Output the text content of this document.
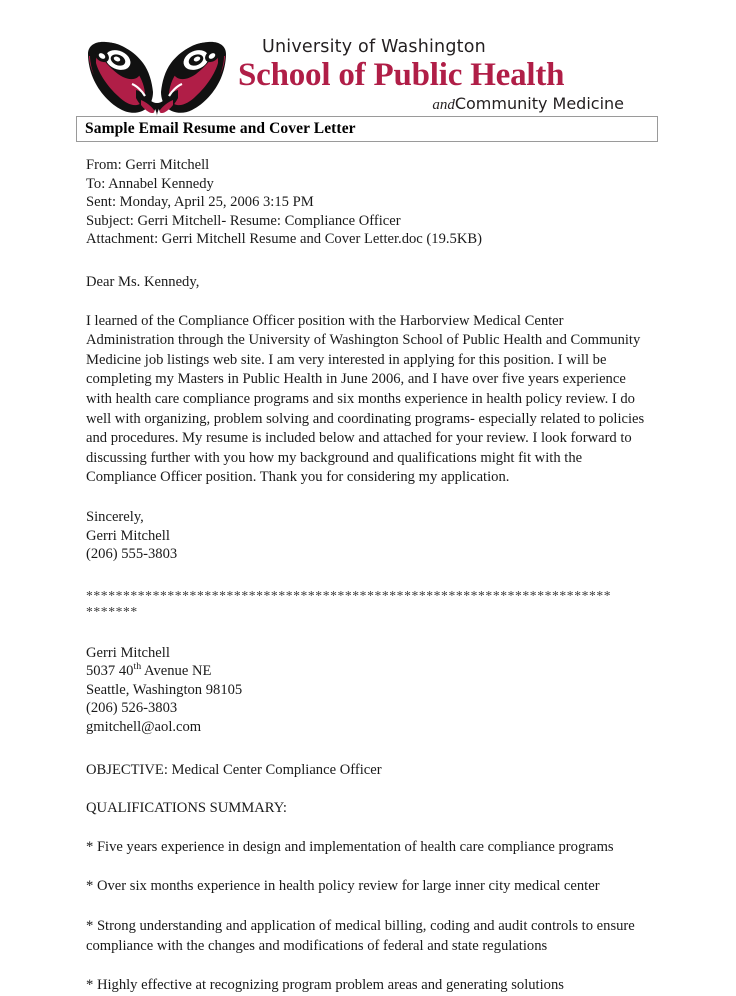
University of Washington
School of Public Health
andCommunity Medicine
Sample Email Resume and Cover Letter
From: Gerri Mitchell
To: Annabel Kennedy
Sent: Monday, April 25, 2006 3:15 PM
Subject: Gerri Mitchell- Resume: Compliance Officer
Attachment: Gerri Mitchell Resume and Cover Letter.doc (19.5KB)
Dear Ms. Kennedy,
I learned of the Compliance Officer position with the Harborview Medical Center Administration through the University of Washington School of Public Health and Community Medicine job listings web site. I am very interested in applying for this position. I will be completing my Masters in Public Health in June 2006, and I have over five years experience with health care compliance programs and six months experience in health policy review. I do well with organizing, problem solving and coordinating programs- especially related to policies and procedures. My resume is included below and attached for your review. I look forward to discussing further with you how my background and qualifications might fit with the Compliance Officer position. Thank you for considering my application.
Sincerely,
Gerri Mitchell
(206) 555-3803
******************************************************************************
Gerri Mitchell
5037 40th Avenue NE
Seattle, Washington 98105
(206) 526-3803
gmitchell@aol.com
OBJECTIVE: Medical Center Compliance Officer
QUALIFICATIONS SUMMARY:
* Five years experience in design and implementation of health care compliance programs
* Over six months experience in health policy review for large inner city medical center
* Strong understanding and application of medical billing, coding and audit controls to ensure compliance with the changes and modifications of federal and state regulations
* Highly effective at recognizing program problem areas and generating solutions
